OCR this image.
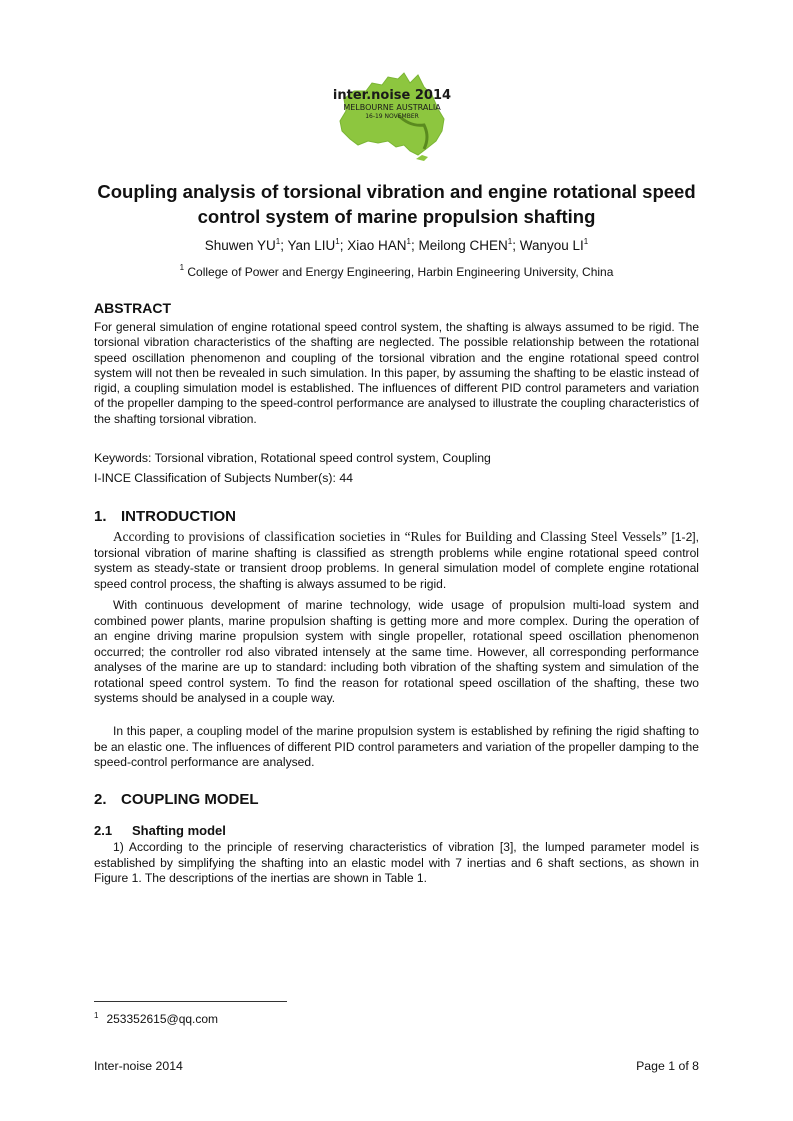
inter.noise 2014
MELBOURNE AUSTRALIA
16-19 NOVEMBER
Coupling analysis of torsional vibration and engine rotational speed
control system of marine propulsion shafting
Shuwen $YU^1$; Yan LIU$^1$; Xiao HAN$^1$; Meilong CHEN$^1$; Wanyou $LI^1$
$^1$ College of Power and Energy Engineering, Harbin Engineering University, China
ABSTRACT

For general simulation of engine rotational speed control system, the shafting is always assumed to be rigid. The torsional vibration characteristics of the shafting are neglected. The possible relationship between the rotational speed oscillation phenomenon and coupling of the torsional vibration and the engine rotational speed control system will not then be revealed in such simulation. In this paper, by assuming the shafting to be elastic instead of rigid, a coupling simulation model is established. The influences of different PID control parameters and variation of the propeller damping to the speed-control performance are analysed to illustrate the coupling characteristics of the shafting torsional vibration.

Keywords: Torsional vibration, Rotational speed control system, Coupling
I-INCE Classification of Subjects Number(s): 44
1. INTRODUCTION

According to provisions of classification societies in “Rules for Building and Classing Steel Vessels” [1-2], torsional vibration of marine shafting is classified as strength problems while engine rotational speed control system as steady-state or transient droop problems. In general simulation model of complete engine rotational speed control process, the shafting is always assumed to be rigid.

With continuous development of marine technology, wide usage of propulsion multi-load system and combined power plants, marine propulsion shafting is getting more and more complex. During the operation of an engine driving marine propulsion system with single propeller, rotational speed oscillation phenomenon occurred; the controller rod also vibrated intensely at the same time. However, all corresponding performance analyses of the marine are up to standard: including both vibration of the shafting system and simulation of the rotational speed control system. To find the reason for rotational speed oscillation of the shafting, these two systems should be analysed in a couple way.

In this paper, a coupling model of the marine propulsion system is established by refining the rigid shafting to be an elastic one. The influences of different PID control parameters and variation of the propeller damping to the speed-control performance are analysed.

2. COUPLING MODEL
2.1 Shafting model

1) According to the principle of reserving characteristics of vibration [3], the lumped parameter model is established by simplifying the shafting into an elastic model with 7 inertias and 6 shaft sections, as shown in Figure 1. The descriptions of the inertias are shown in Table 1.

$^1$ 253352615@qq.com
Inter-noise 2014	Page 1 of 8
